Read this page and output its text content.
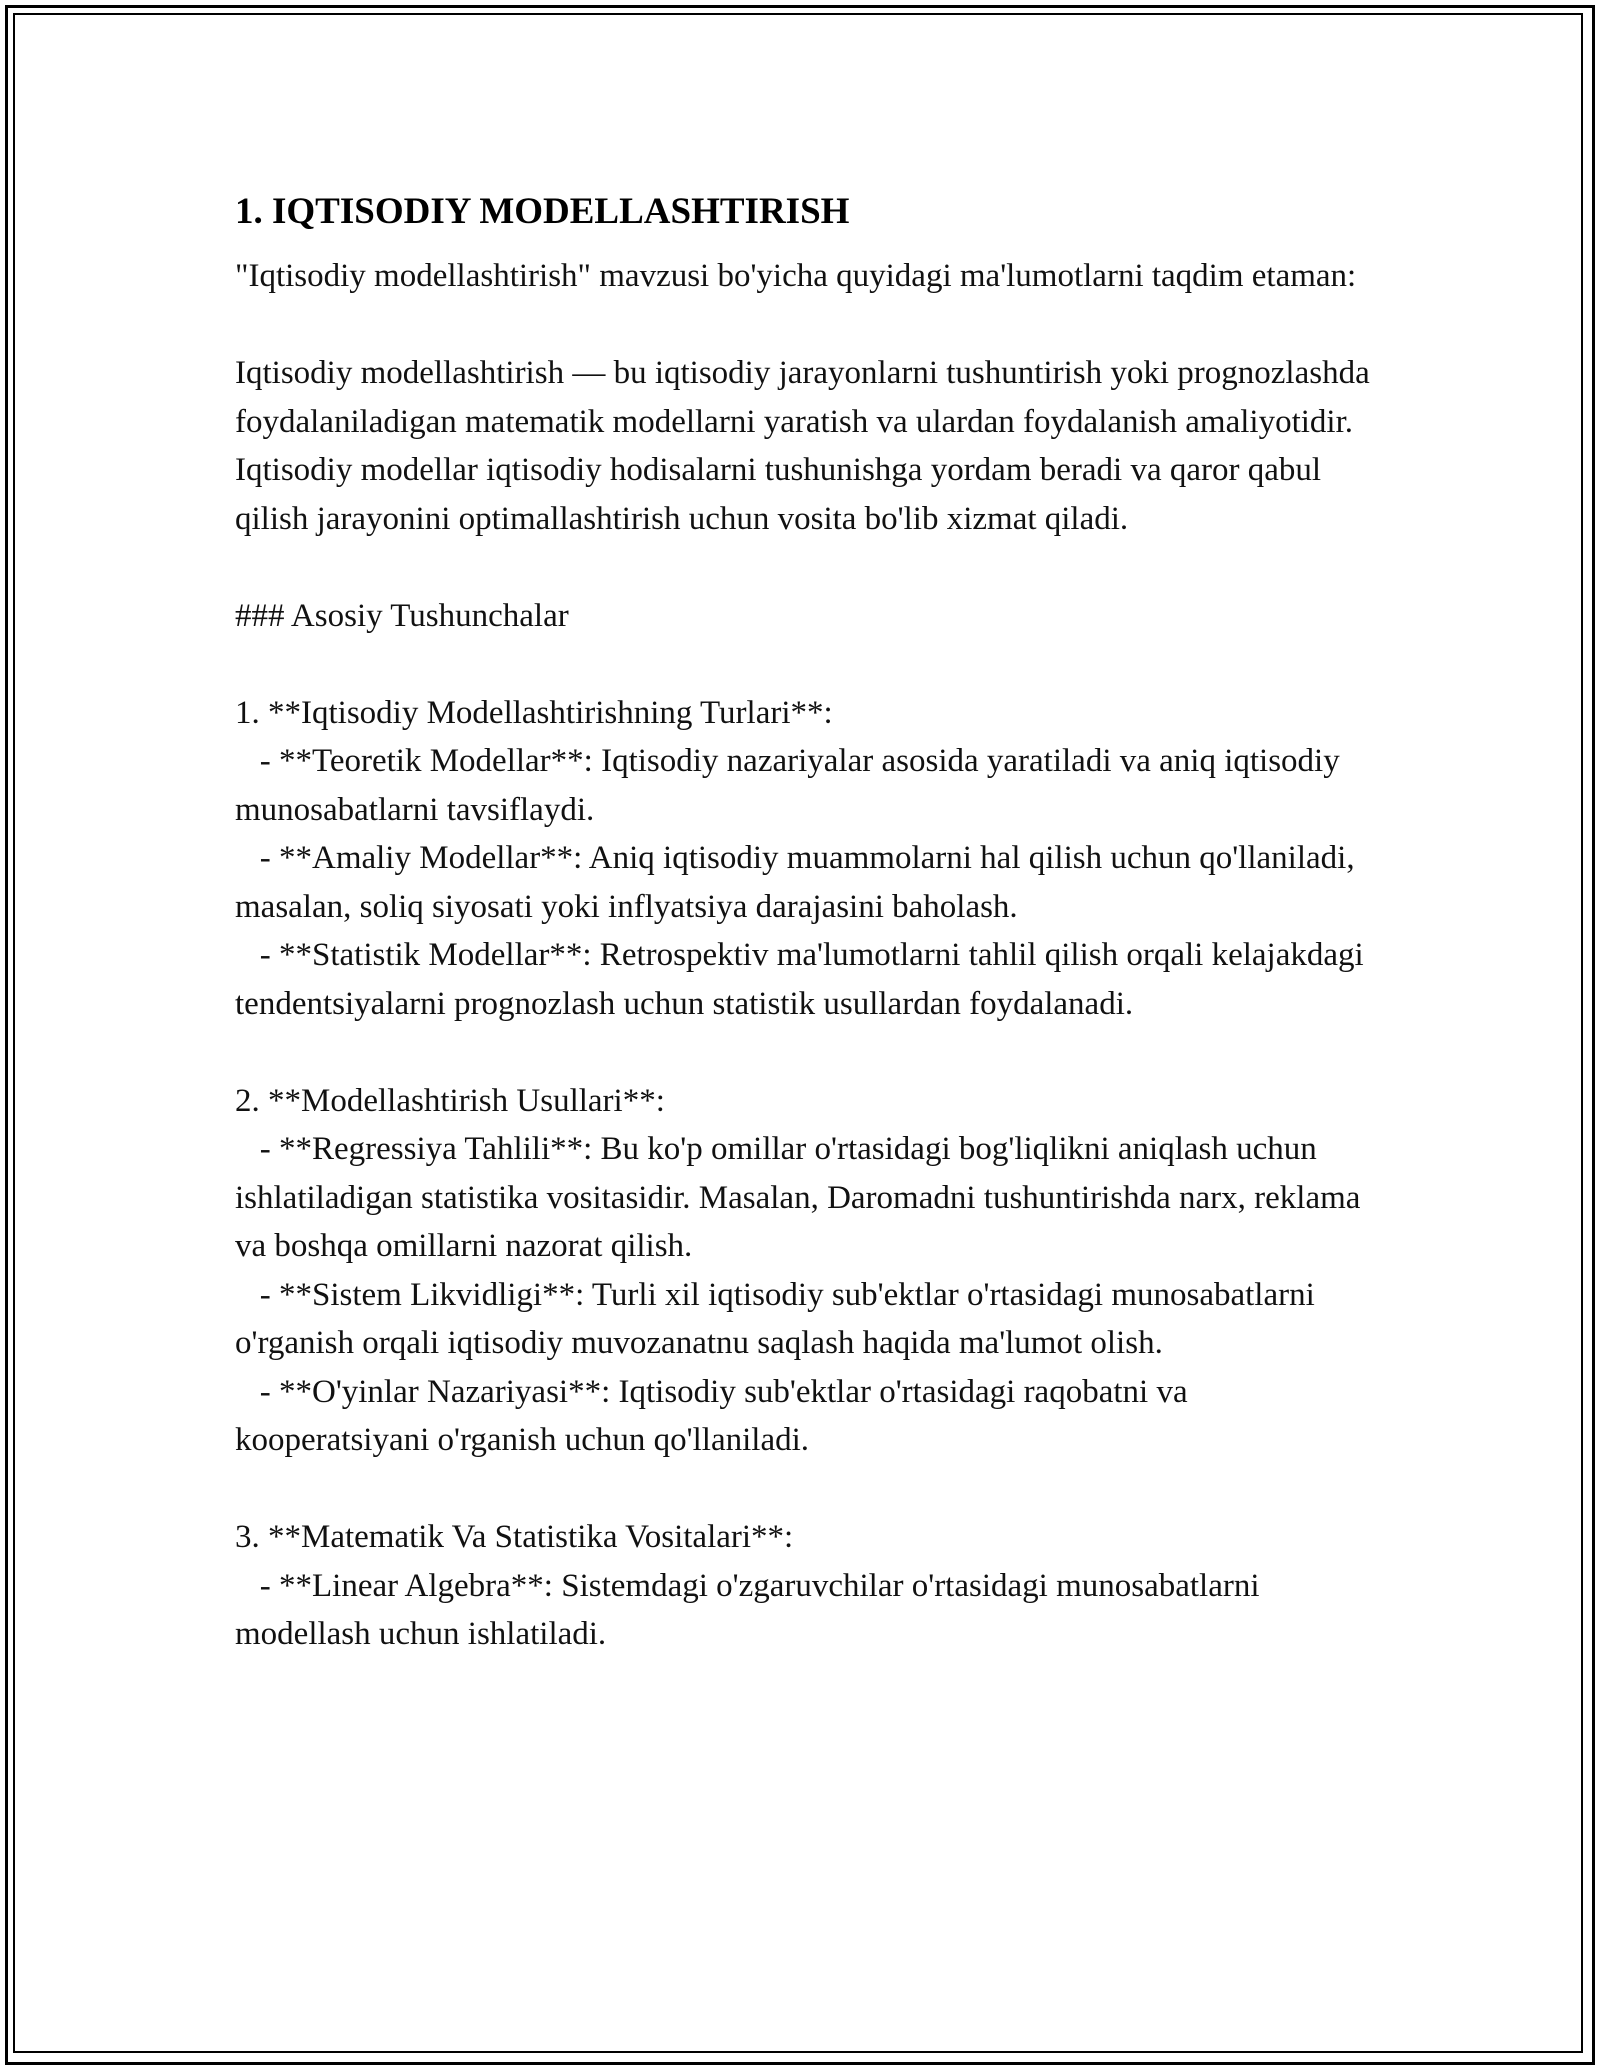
1. IQTISODIY MODELLASHTIRISH

"Iqtisodiy modellashtirish" mavzusi bo'yicha quyidagi ma'lumotlarni taqdim etaman:

Iqtisodiy modellashtirish — bu iqtisodiy jarayonlarni tushuntirish yoki prognozlashda foydalaniladigan matematik modellarni yaratish va ulardan foydalanish amaliyotidir. Iqtisodiy modellar iqtisodiy hodisalarni tushunishga yordam beradi va qaror qabul qilish jarayonini optimallashtirish uchun vosita bo'lib xizmat qiladi.

### Asosiy Tushunchalar

1. **Iqtisodiy Modellashtirishning Turlari**:

- **Teoretik Modellar**: Iqtisodiy nazariyalar asosida yaratiladi va aniq iqtisodiy munosabatlarni tavsiflaydi.

- **Amaliy Modellar**: Aniq iqtisodiy muammolarni hal qilish uchun qo'llaniladi, masalan, soliq siyosati yoki inflyatsiya darajasini baholash.

- **Statistik Modellar**: Retrospektiv ma'lumotlarni tahlil qilish orqali kelajakdagi tendentsiyalarni prognozlash uchun statistik usullardan foydalanadi.

2. **Modellashtirish Usullari**:

- **Regressiya Tahlili**: Bu ko'p omillar o'rtasidagi bog'liqlikni aniqlash uchun ishlatiladigan statistika vositasidir. Masalan, Daromadni tushuntirishda narx, reklama va boshqa omillarni nazorat qilish.

- **Sistem Likvidligi**: Turli xil iqtisodiy sub'ektlar o'rtasidagi munosabatlarni o'rganish orqali iqtisodiy muvozanatnu saqlash haqida ma'lumot olish.

- **O'yinlar Nazariyasi**: Iqtisodiy sub'ektlar o'rtasidagi raqobatni va kooperatsiyani o'rganish uchun qo'llaniladi.

3. **Matematik Va Statistika Vositalari**:

- **Linear Algebra**: Sistemdagi o'zgaruvchilar o'rtasidagi munosabatlarni modellash uchun ishlatiladi.
